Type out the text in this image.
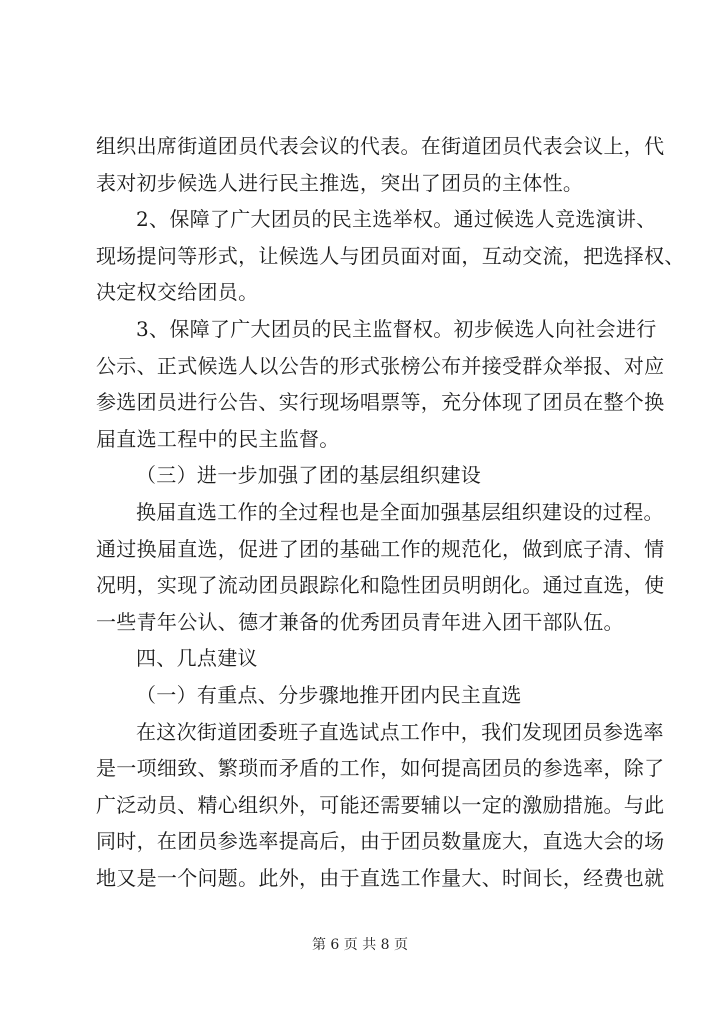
组织出席街道团员代表会议的代表。在街道团员代表会议上，代
表对初步候选人进行民主推选，突出了团员的主体性。
2、保障了广大团员的民主选举权。通过候选人竞选演讲、
现场提问等形式，让候选人与团员面对面，互动交流，把选择权、
决定权交给团员。
3、保障了广大团员的民主监督权。初步候选人向社会进行
公示、正式候选人以公告的形式张榜公布并接受群众举报、对应
参选团员进行公告、实行现场唱票等，充分体现了团员在整个换
届直选工程中的民主监督。
（三）进一步加强了团的基层组织建设
换届直选工作的全过程也是全面加强基层组织建设的过程。
通过换届直选，促进了团的基础工作的规范化，做到底子清、情
况明，实现了流动团员跟踪化和隐性团员明朗化。通过直选，使
一些青年公认、德才兼备的优秀团员青年进入团干部队伍。
四、几点建议
（一）有重点、分步骤地推开团内民主直选
在这次街道团委班子直选试点工作中，我们发现团员参选率
是一项细致、繁琐而矛盾的工作，如何提高团员的参选率，除了
广泛动员、精心组织外，可能还需要辅以一定的激励措施。与此
同时，在团员参选率提高后，由于团员数量庞大，直选大会的场
地又是一个问题。此外，由于直选工作量大、时间长，经费也就
第 6 页 共 8 页
